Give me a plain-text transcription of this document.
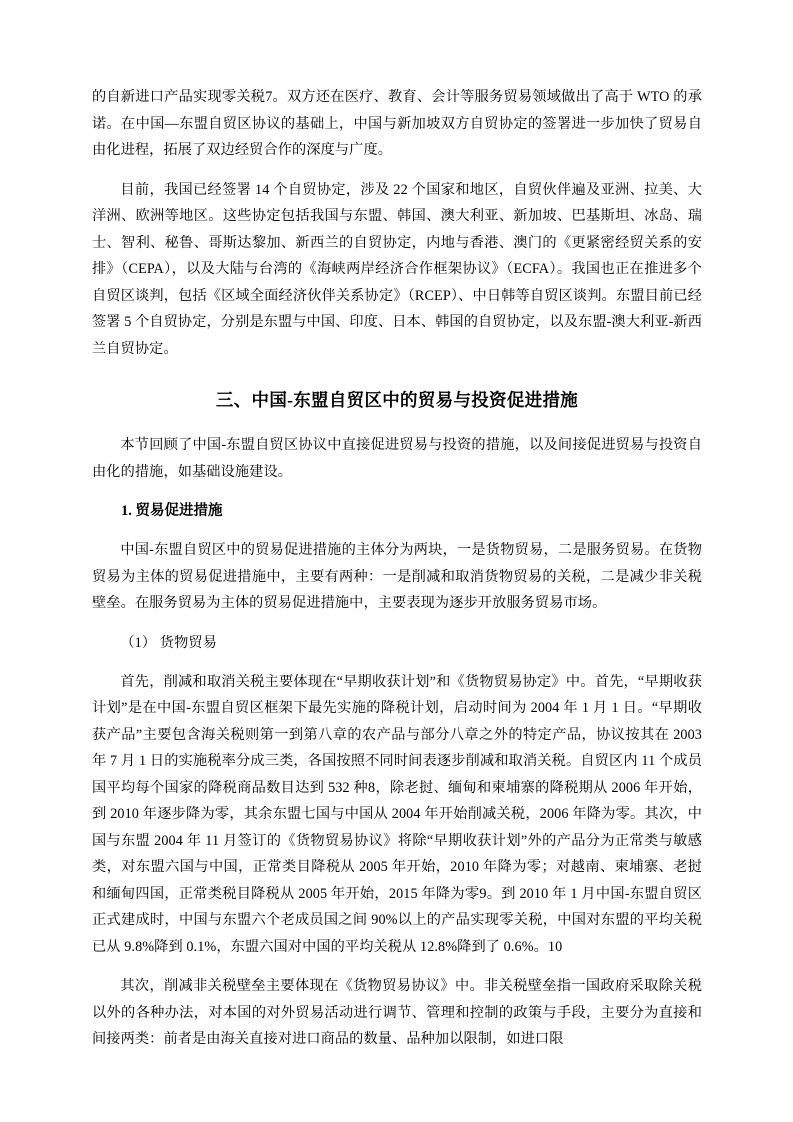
的自新进口产品实现零关税7。双方还在医疗、教育、会计等服务贸易领域做出了高于 WTO 的承诺。在中国—东盟自贸区协议的基础上，中国与新加坡双方自贸协定的签署进一步加快了贸易自由化进程，拓展了双边经贸合作的深度与广度。

目前，我国已经签署 14 个自贸协定，涉及 22 个国家和地区，自贸伙伴遍及亚洲、拉美、大洋洲、欧洲等地区。这些协定包括我国与东盟、韩国、澳大利亚、新加坡、巴基斯坦、冰岛、瑞士、智利、秘鲁、哥斯达黎加、新西兰的自贸协定，内地与香港、澳门的《更紧密经贸关系的安排》（CEPA），以及大陆与台湾的《海峡两岸经济合作框架协议》（ECFA）。我国也正在推进多个自贸区谈判，包括《区域全面经济伙伴关系协定》（RCEP）、中日韩等自贸区谈判。东盟目前已经签署 5 个自贸协定，分别是东盟与中国、印度、日本、韩国的自贸协定，以及东盟-澳大利亚-新西兰自贸协定。

三、中国-东盟自贸区中的贸易与投资促进措施

本节回顾了中国-东盟自贸区协议中直接促进贸易与投资的措施，以及间接促进贸易与投资自由化的措施，如基础设施建设。

1. 贸易促进措施

中国-东盟自贸区中的贸易促进措施的主体分为两块，一是货物贸易，二是服务贸易。在货物贸易为主体的贸易促进措施中，主要有两种：一是削减和取消货物贸易的关税，二是减少非关税壁垒。在服务贸易为主体的贸易促进措施中，主要表现为逐步开放服务贸易市场。

（1） 货物贸易

首先，削减和取消关税主要体现在“早期收获计划”和《货物贸易协定》中。首先，“早期收获计划”是在中国-东盟自贸区框架下最先实施的降税计划，启动时间为 2004 年 1 月 1 日。“早期收获产品”主要包含海关税则第一到第八章的农产品与部分八章之外的特定产品，协议按其在 2003 年 7 月 1 日的实施税率分成三类，各国按照不同时间表逐步削减和取消关税。自贸区内 11 个成员国平均每个国家的降税商品数目达到 532 种8，除老挝、缅甸和柬埔寨的降税期从 2006 年开始，到 2010 年逐步降为零，其余东盟七国与中国从 2004 年开始削减关税，2006 年降为零。其次，中国与东盟 2004 年 11 月签订的《货物贸易协议》将除“早期收获计划”外的产品分为正常类与敏感类，对东盟六国与中国，正常类目降税从 2005 年开始，2010 年降为零；对越南、柬埔寨、老挝和缅甸四国，正常类税目降税从 2005 年开始，2015 年降为零9。到 2010 年 1 月中国-东盟自贸区正式建成时，中国与东盟六个老成员国之间 90%以上的产品实现零关税，中国对东盟的平均关税已从 9.8%降到 0.1%，东盟六国对中国的平均关税从 12.8%降到了 0.6%。10

其次，削减非关税壁垒主要体现在《货物贸易协议》中。非关税壁垒指一国政府采取除关税以外的各种办法，对本国的对外贸易活动进行调节、管理和控制的政策与手段，主要分为直接和间接两类：前者是由海关直接对进口商品的数量、品种加以限制，如进口限
